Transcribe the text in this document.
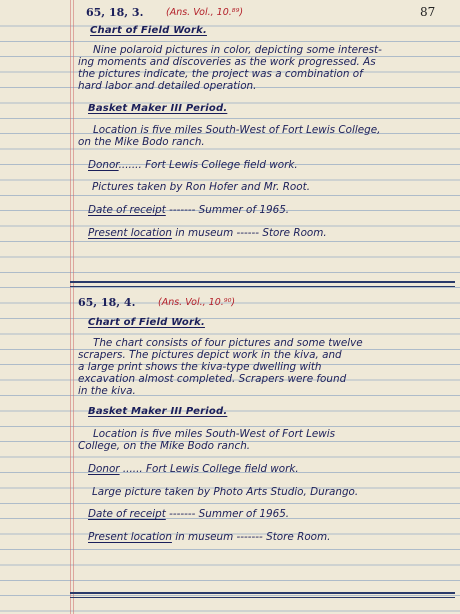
87
65, 18, 3. (Ans. Vol., 10.⁸⁹)
Chart of Field Work.
Nine polaroid pictures in color, depicting some interest-
ing moments and discoveries as the work progressed. As
the pictures indicate, the project was a combination of
hard labor and detailed operation.
Basket Maker III Period.
Location is five miles South-West of Fort Lewis College,
on the Mike Bodo ranch.
Donor....... Fort Lewis College field work.
Pictures taken by Ron Hofer and Mr. Root.
Date of receipt ------- Summer of 1965.
Present location in museum ------ Store Room.
65, 18, 4. (Ans. Vol., 10.⁹⁰)
Chart of Field Work.
The chart consists of four pictures and some twelve
scrapers. The pictures depict work in the kiva, and
a large print shows the kiva-type dwelling with
excavation almost completed. Scrapers were found
in the kiva.
Basket Maker III Period.
Location is five miles South-West of Fort Lewis
College, on the Mike Bodo ranch.
Donor ...... Fort Lewis College field work.
Large picture taken by Photo Arts Studio, Durango.
Date of receipt ------- Summer of 1965.
Present location in museum ------- Store Room.
